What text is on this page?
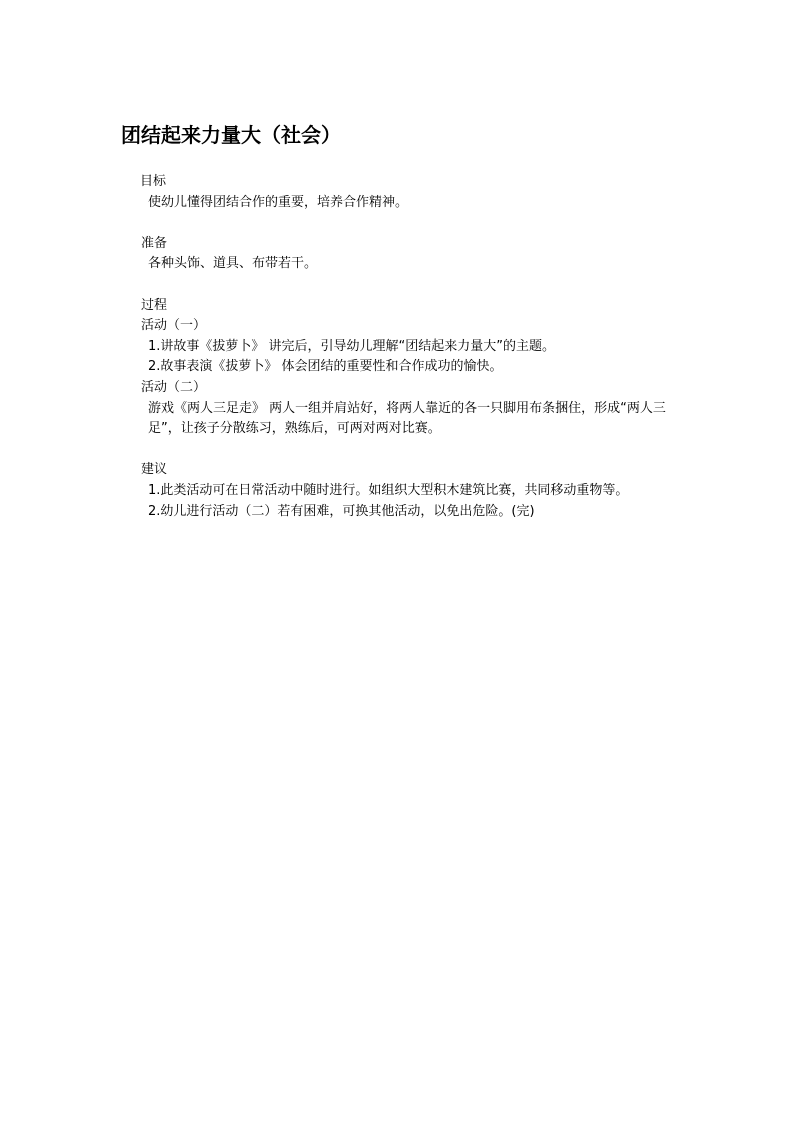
团结起来力量大（社会）
目标
使幼儿懂得团结合作的重要，培养合作精神。
准备
各种头饰、道具、布带若干。
过程
活动（一）
1.讲故事《拔萝卜》 讲完后，引导幼儿理解“团结起来力量大”的主题。
2.故事表演《拔萝卜》 体会团结的重要性和合作成功的愉快。
活动（二）
游戏《两人三足走》 两人一组并肩站好，将两人靠近的各一只脚用布条捆住，形成“两人三足”，让孩子分散练习，熟练后，可两对两对比赛。
建议
1.此类活动可在日常活动中随时进行。如组织大型积木建筑比赛，共同移动重物等。
2.幼儿进行活动（二）若有困难，可换其他活动，以免出危险。(完)
